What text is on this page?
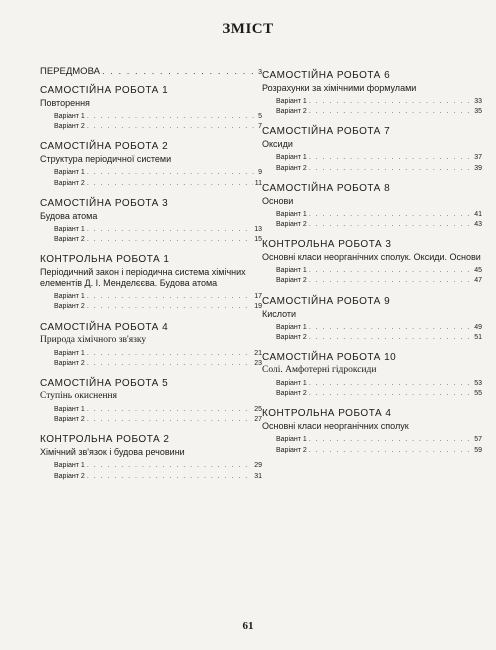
ЗМІСТ
ПЕРЕДМОВА . . .	3
САМОСТІЙНА РОБОТА 1
Повторення
Варіант 1 . . .	5
Варіант 2 . . .	7
САМОСТІЙНА РОБОТА 2
Структура періодичної системи
Варіант 1 . . .	9
Варіант 2 . . .	11
САМОСТІЙНА РОБОТА 3
Будова атома
Варіант 1 . . .	13
Варіант 2 . . .	15
КОНТРОЛЬНА РОБОТА 1
Періодичний закон і періодична система хімічних елементів Д. І. Менделєєва. Будова атома
Варіант 1 . . .	17
Варіант 2 . . .	19
САМОСТІЙНА РОБОТА 4
Природа хімічного зв'язку
Варіант 1 . . .	21
Варіант 2 . . .	23
САМОСТІЙНА РОБОТА 5
Ступінь окиснення
Варіант 1 . . .	25
Варіант 2 . . .	27
КОНТРОЛЬНА РОБОТА 2
Хімічний зв'язок і будова речовини
Варіант 1 . . .	29
Варіант 2 . . .	31
САМОСТІЙНА РОБОТА 6
Розрахунки за хімічними формулами
Варіант 1 . . .	33
Варіант 2 . . .	35
САМОСТІЙНА РОБОТА 7
Оксиди
Варіант 1 . . .	37
Варіант 2 . . .	39
САМОСТІЙНА РОБОТА 8
Основи
Варіант 1 . . .	41
Варіант 2 . . .	43
КОНТРОЛЬНА РОБОТА 3
Основні класи неорганічних сполук. Оксиди. Основи
Варіант 1 . . .	45
Варіант 2 . . .	47
САМОСТІЙНА РОБОТА 9
Кислоти
Варіант 1 . . .	49
Варіант 2 . . .	51
САМОСТІЙНА РОБОТА 10
Солі. Амфотерні гідроксиди
Варіант 1 . . .	53
Варіант 2 . . .	55
КОНТРОЛЬНА РОБОТА 4
Основні класи неорганічних сполук
Варіант 1 . . .	57
Варіант 2 . . .	59
61
